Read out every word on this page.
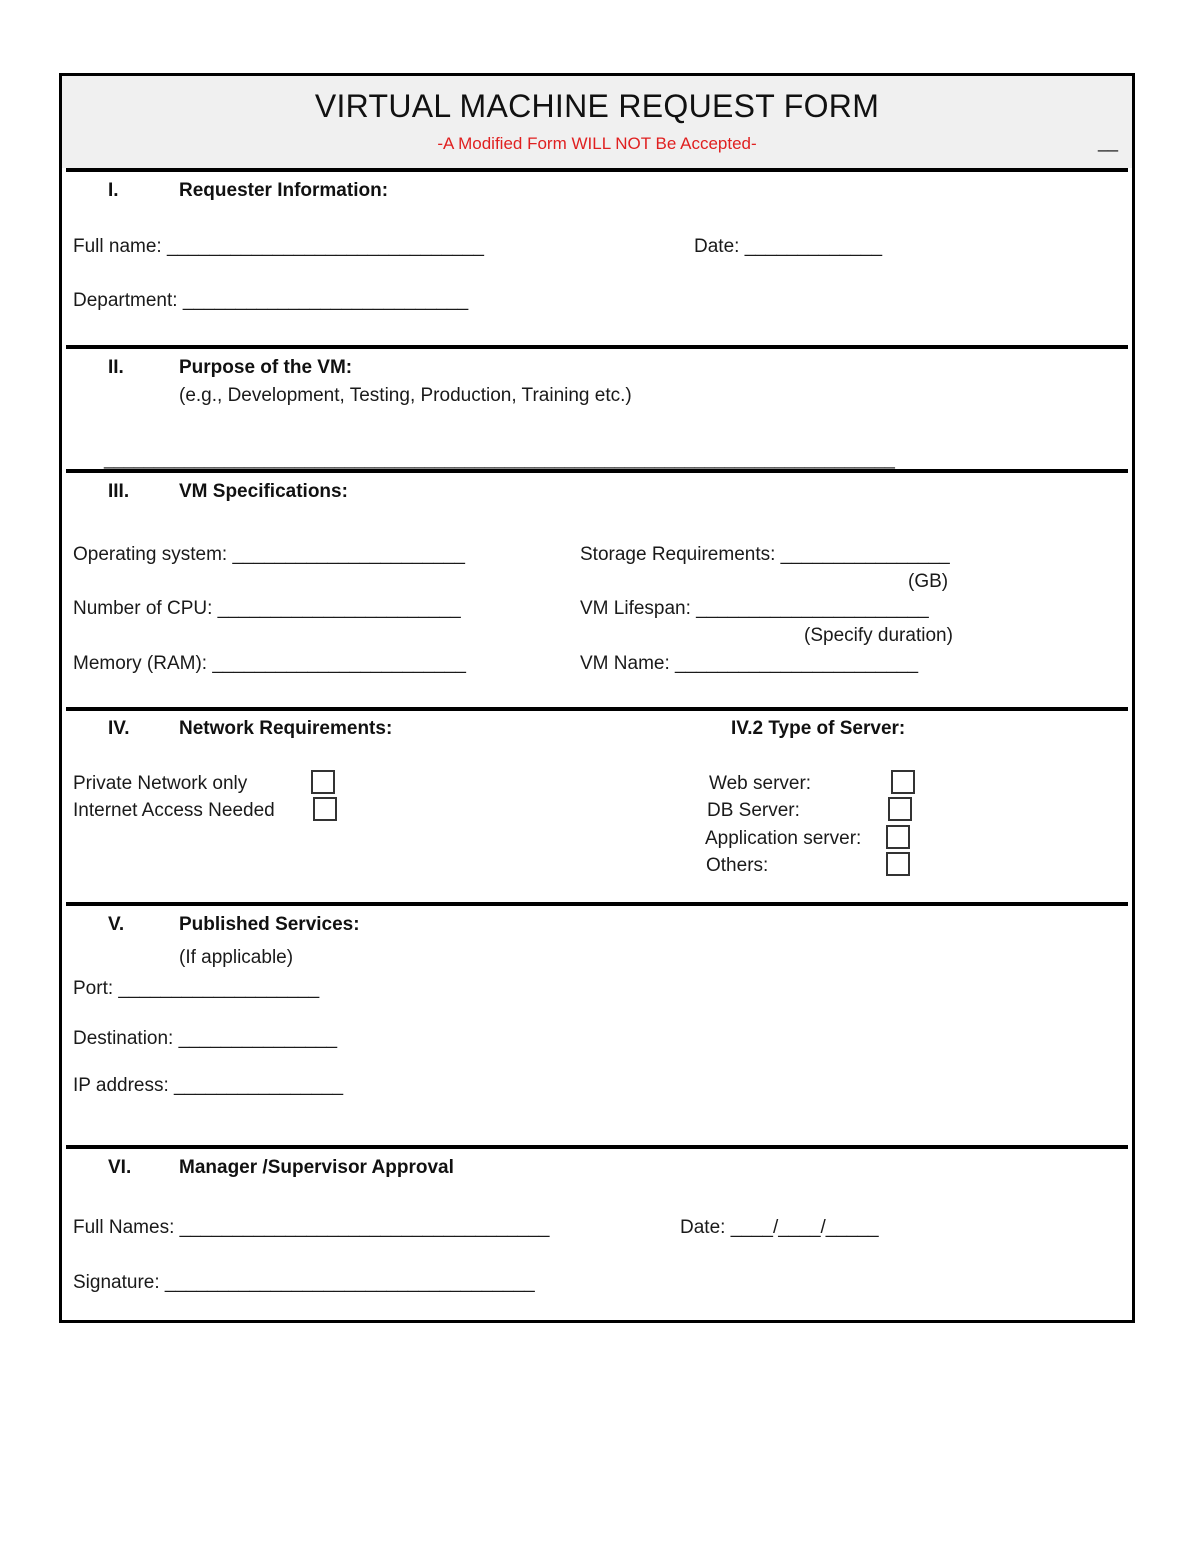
VIRTUAL MACHINE REQUEST FORM
-A Modified Form WILL NOT Be Accepted-	__
I.	Requester Information:
Full name: ______________________________	Date: _____________
Department: ___________________________
II.	Purpose of the VM:
(e.g., Development, Testing, Production, Training etc.)
_______________________________________________________________________________
III.	VM Specifications:
Operating system: ______________________	Storage Requirements: ________________
(GB)
Number of CPU: _______________________	VM Lifespan: ______________________
(Specify duration)
Memory (RAM): ________________________	VM Name: _______________________
IV.	Network Requirements:	IV.2 Type of Server:
Private Network only
Internet Access Needed
Web server:
DB Server:
Application server:
Others:
V.	Published Services:
(If applicable)
Port: ___________________
Destination: _______________
IP address: ________________
VI.	Manager /Supervisor Approval
Full Names: ___________________________________	Date: ____/____/_____
Signature: ___________________________________
